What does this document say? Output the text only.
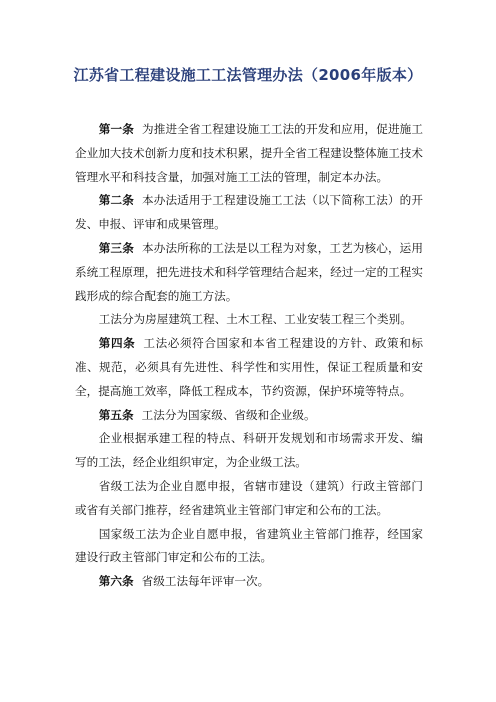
江苏省工程建设施工工法管理办法（2006年版本）

第一条 为推进全省工程建设施工工法的开发和应用，促进施工企业加大技术创新力度和技术积累，提升全省工程建设整体施工技术管理水平和科技含量，加强对施工工法的管理，制定本办法。

第二条 本办法适用于工程建设施工工法（以下简称工法）的开发、申报、评审和成果管理。

第三条 本办法所称的工法是以工程为对象，工艺为核心，运用系统工程原理，把先进技术和科学管理结合起来，经过一定的工程实践形成的综合配套的施工方法。

工法分为房屋建筑工程、土木工程、工业安装工程三个类别。

第四条 工法必须符合国家和本省工程建设的方针、政策和标准、规范，必须具有先进性、科学性和实用性，保证工程质量和安全，提高施工效率，降低工程成本，节约资源，保护环境等特点。

第五条 工法分为国家级、省级和企业级。

企业根据承建工程的特点、科研开发规划和市场需求开发、编写的工法，经企业组织审定，为企业级工法。

省级工法为企业自愿申报，省辖市建设（建筑）行政主管部门或省有关部门推荐，经省建筑业主管部门审定和公布的工法。

国家级工法为企业自愿申报，省建筑业主管部门推荐，经国家建设行政主管部门审定和公布的工法。

第六条 省级工法每年评审一次。
